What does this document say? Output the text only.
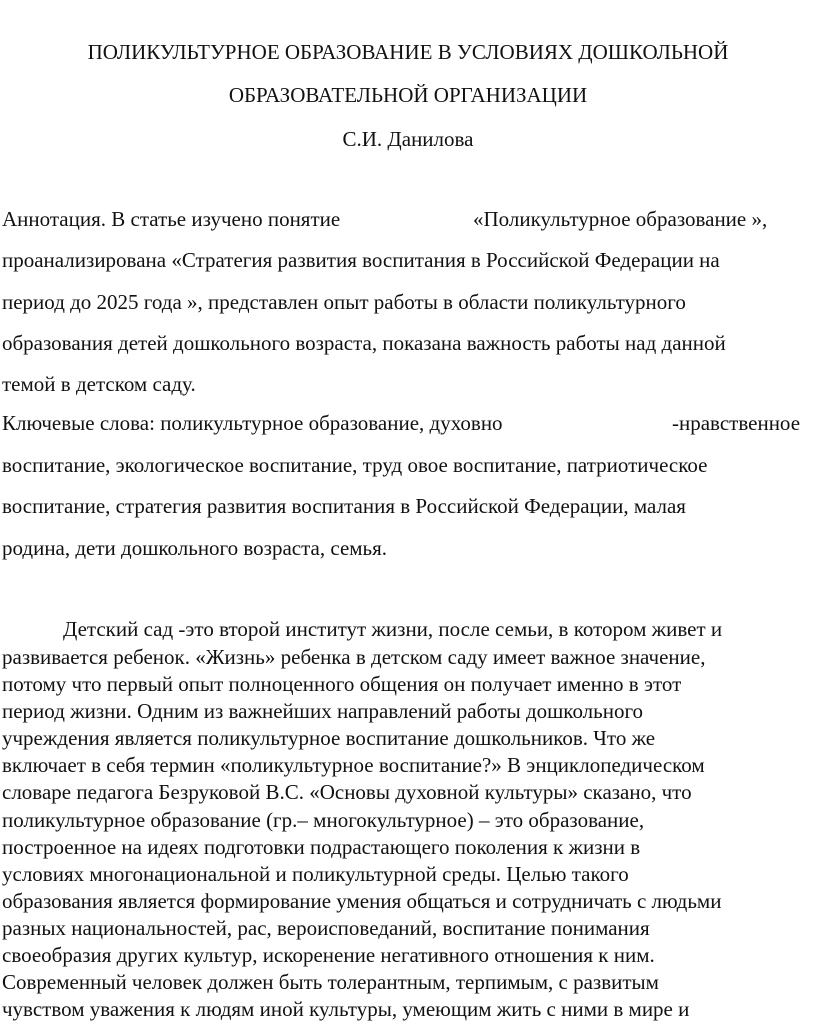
ПОЛИКУЛЬТУРНОЕ ОБРАЗОВАНИЕ В УСЛОВИЯХ ДОШКОЛЬНОЙ
ОБРАЗОВАТЕЛЬНОЙ ОРГАНИЗАЦИИ
С.И. Данилова
Аннотация. В статье изучено понятие	«Поликультурное образование »,
проанализирована «Стратегия развития воспитания в Российской Федерации на
период до 2025 года », представлен опыт работы в области поликультурного
образования детей дошкольного возраста, показана важность работы над данной
темой в детском саду.
Ключевые слова: поликультурное образование, духовно	-нравственное
воспитание, экологическое воспитание, труд овое воспитание, патриотическое
воспитание, стратегия развития воспитания в Российской Федерации, малая
родина, дети дошкольного возраста, семья.
Детский сад -это второй институт жизни, после семьи, в котором живет и
развивается ребенок. «Жизнь» ребенка в детском саду имеет важное значение,
потому что первый опыт полноценного общения он получает именно в этот
период жизни. Одним из важнейших направлений работы дошкольного
учреждения является поликультурное воспитание дошкольников. Что же
включает в себя термин «поликультурное воспитание?» В энциклопедическом
словаре педагога Безруковой В.С. «Основы духовной культуры» сказано, что
поликультурное образование (гр.– многокультурное) – это образование,
построенное на идеях подготовки подрастающего поколения к жизни в
условиях многонациональной и поликультурной среды. Целью такого
образования является формирование умения общаться и сотрудничать с людьми
разных национальностей, рас, вероисповеданий, воспитание понимания
своеобразия других культур, искоренение негативного отношения к ним.
Современный человек должен быть толерантным, терпимым, с развитым
чувством уважения к людям иной культуры, умеющим жить с ними в мире и
